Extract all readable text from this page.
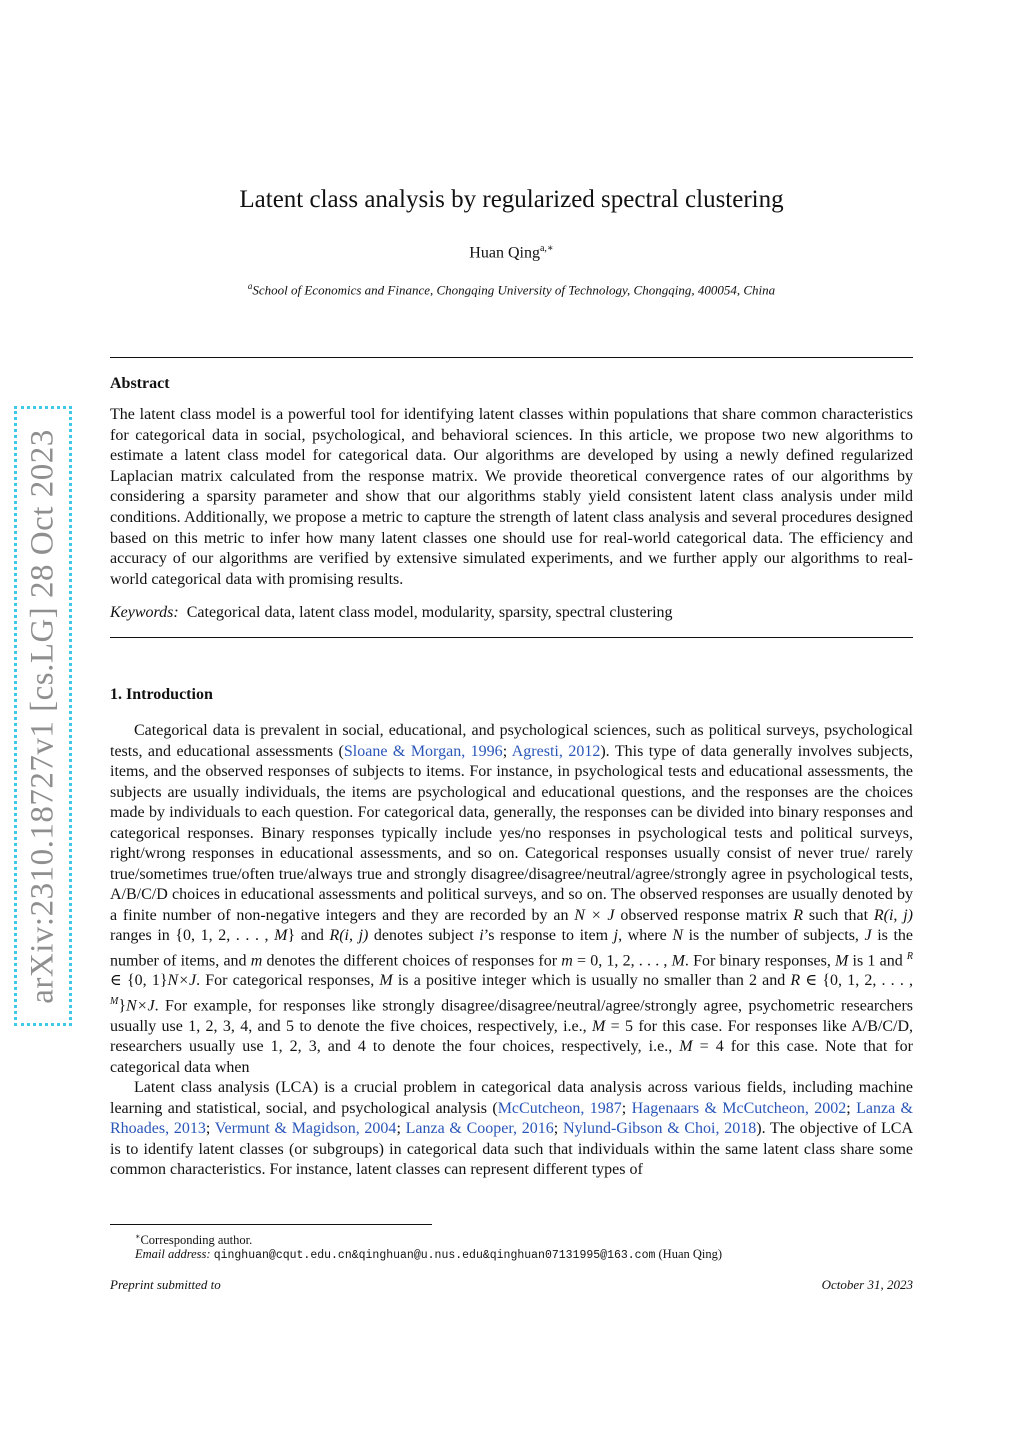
arXiv:2310.18727v1 [cs.LG] 28 Oct 2023
Latent class analysis by regularized spectral clustering
Huan Qing$^{a,∗}$
$^a$School of Economics and Finance, Chongqing University of Technology, Chongqing, 400054, China
Abstract

The latent class model is a powerful tool for identifying latent classes within populations that share common characteristics for categorical data in social, psychological, and behavioral sciences. In this article, we propose two new algorithms to estimate a latent class model for categorical data. Our algorithms are developed by using a newly defined regularized Laplacian matrix calculated from the response matrix. We provide theoretical convergence rates of our algorithms by considering a sparsity parameter and show that our algorithms stably yield consistent latent class analysis under mild conditions. Additionally, we propose a metric to capture the strength of latent class analysis and several procedures designed based on this metric to infer how many latent classes one should use for real-world categorical data. The efficiency and accuracy of our algorithms are verified by extensive simulated experiments, and we further apply our algorithms to real-world categorical data with promising results.

Keywords: Categorical data, latent class model, modularity, sparsity, spectral clustering
1. Introduction

Categorical data is prevalent in social, educational, and psychological sciences, such as political surveys, psychological tests, and educational assessments (Sloane & Morgan, 1996; Agresti, 2012). This type of data generally involves subjects, items, and the observed responses of subjects to items. For instance, in psychological tests and educational assessments, the subjects are usually individuals, the items are psychological and educational questions, and the responses are the choices made by individuals to each question. For categorical data, generally, the responses can be divided into binary responses and categorical responses. Binary responses typically include yes/no responses in psychological tests and political surveys, right/wrong responses in educational assessments, and so on. Categorical responses usually consist of never true/ rarely true/sometimes true/often true/always true and strongly disagree/disagree/neutral/agree/strongly agree in psychological tests, A/B/C/D choices in educational assessments and political surveys, and so on. The observed responses are usually denoted by a finite number of non-negative integers and they are recorded by an N × J observed response matrix R such that R(i, j) ranges in {0, 1, 2, . . . , M} and R(i, j) denotes subject i’s response to item j, where N is the number of subjects, J is the number of items, and m denotes the different choices of responses for m = 0, 1, 2, . . . , M. For binary responses, M is 1 and $^R$ ∈ {0, 1}N×J. For categorical responses, M is a positive integer which is usually no smaller than 2 and R ∈ {0, 1, 2, . . . , $^M$}N×J. For example, for responses like strongly disagree/disagree/neutral/agree/strongly agree, psychometric researchers usually use 1, 2, 3, 4, and 5 to denote the five choices, respectively, i.e., M = 5 for this case. For responses like A/B/C/D, researchers usually use 1, 2, 3, and 4 to denote the four choices, respectively, i.e., M = 4 for this case. Note that for categorical data when

Latent class analysis (LCA) is a crucial problem in categorical data analysis across various fields, including machine learning and statistical, social, and psychological analysis (McCutcheon, 1987; Hagenaars & McCutcheon, 2002; Lanza & Rhoades, 2013; Vermunt & Magidson, 2004; Lanza & Cooper, 2016; Nylund-Gibson & Choi, 2018). The objective of LCA is to identify latent classes (or subgroups) in categorical data such that individuals within the same latent class share some common characteristics. For instance, latent classes can represent different types of

∗Corresponding author.
Email address: qinghuan@cqut.edu.cn&qinghuan@u.nus.edu&qinghuan07131995@163.com (Huan Qing)
Preprint submitted to	October 31, 2023
